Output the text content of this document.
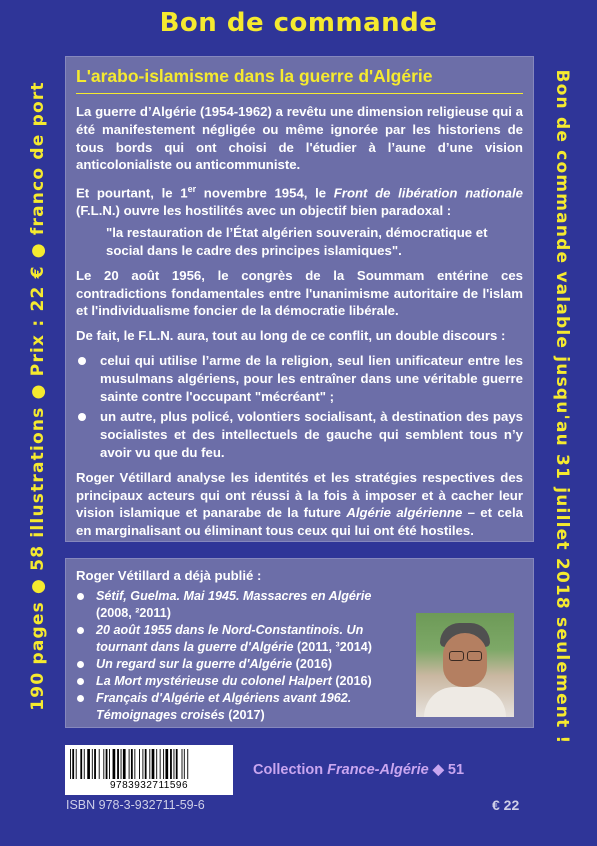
Bon de commande
190 pages ● 58 illustrations ● Prix : 22 € ● franco de port	Bon de commande valable jusqu'au 31 juillet 2018 seulement !
L'arabo-islamisme dans la guerre d'Algérie

La guerre d’Algérie (1954-1962) a revêtu une dimension religieuse qui a été manifestement négligée ou même ignorée par les historiens de tous bords qui ont choisi de l'étudier à l’aune d’une vision anticolonialiste ou anticommuniste.

Et pourtant, le 1er novembre 1954, le Front de libération nationale (F.L.N.) ouvre les hostilités avec un objectif bien paradoxal :

"la restauration de l’État algérien souverain, démocratique et social dans le cadre des principes islamiques".

Le 20 août 1956, le congrès de la Soummam entérine ces contradictions fondamentales entre l'unanimisme autoritaire de l'islam et l'individualisme foncier de la démocratie libérale.

De fait, le F.L.N. aura, tout au long de ce conflit, un double discours :

celui qui utilise l’arme de la religion, seul lien unificateur entre les musulmans algériens, pour les entraîner dans une véritable guerre sainte contre l'occupant "mécréant" ;
un autre, plus policé, volontiers socialisant, à destination des pays socialistes et des intellectuels de gauche qui semblent tous n’y avoir vu que du feu.

Roger Vétillard analyse les identités et les stratégies respectives des principaux acteurs qui ont réussi à la fois à imposer et à cacher leur vision islamique et panarabe de la future Algérie algérienne – et cela en marginalisant ou éliminant tous ceux qui lui ont été hostiles.

Roger Vétillard a déjà publié :
Sétif, Guelma. Mai 1945. Massacres en Algérie (2008, ²2011)
20 août 1955 dans le Nord-Constantinois. Un tournant dans la guerre d'Algérie (2011, ³2014)
Un regard sur la guerre d'Algérie (2016)
La Mort mystérieuse du colonel Halpert (2016)
Français d'Algérie et Algériens avant 1962. Témoignages croisés (2017)
9783932711596
ISBN 978-3-932711-59-6
Collection France-Algérie ◆ 51
€ 22
